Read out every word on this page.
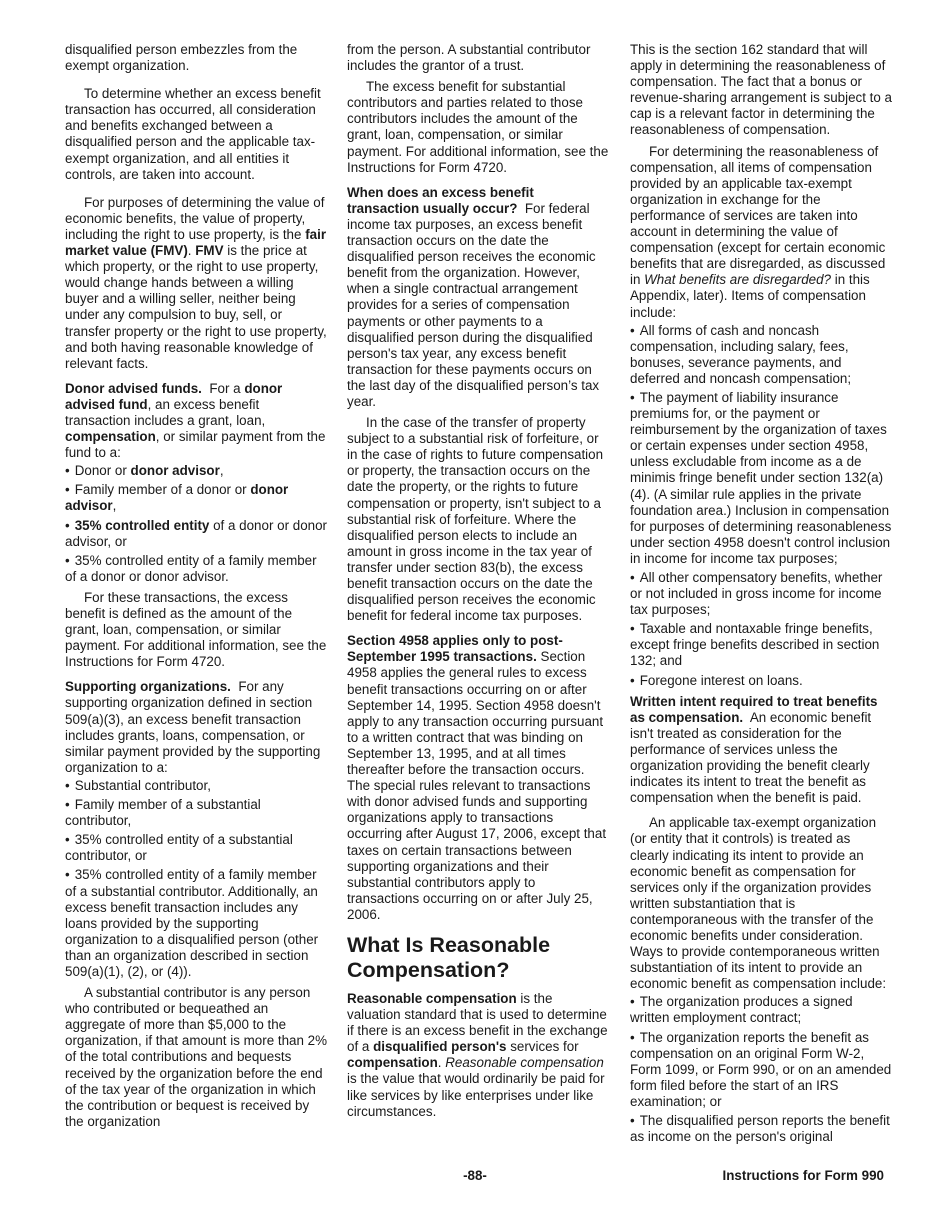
disqualified person embezzles from the exempt organization.

To determine whether an excess benefit transaction has occurred, all consideration and benefits exchanged between a disqualified person and the applicable tax-exempt organization, and all entities it controls, are taken into account.

For purposes of determining the value of economic benefits, the value of property, including the right to use property, is the fair market value (FMV). FMV is the price at which property, or the right to use property, would change hands between a willing buyer and a willing seller, neither being under any compulsion to buy, sell, or transfer property or the right to use property, and both having reasonable knowledge of relevant facts.

Donor advised funds. For a donor advised fund, an excess benefit transaction includes a grant, loan, compensation, or similar payment from the fund to a:

• Donor or donor advisor,
• Family member of a donor or donor advisor,
• 35% controlled entity of a donor or donor advisor, or
• 35% controlled entity of a family member of a donor or donor advisor.

For these transactions, the excess benefit is defined as the amount of the grant, loan, compensation, or similar payment. For additional information, see the Instructions for Form 4720.

Supporting organizations. For any supporting organization defined in section 509(a)(3), an excess benefit transaction includes grants, loans, compensation, or similar payment provided by the supporting organization to a:

• Substantial contributor,
• Family member of a substantial contributor,
• 35% controlled entity of a substantial contributor, or
• 35% controlled entity of a family member of a substantial contributor. Additionally, an excess benefit transaction includes any loans provided by the supporting organization to a disqualified person (other than an organization described in section 509(a)(1), (2), or (4)).

A substantial contributor is any person who contributed or bequeathed an aggregate of more than $5,000 to the organization, if that amount is more than 2% of the total contributions and bequests received by the organization before the end of the tax year of the organization in which the contribution or bequest is received by the organization

from the person. A substantial contributor includes the grantor of a trust.

The excess benefit for substantial contributors and parties related to those contributors includes the amount of the grant, loan, compensation, or similar payment. For additional information, see the Instructions for Form 4720.

When does an excess benefit transaction usually occur? For federal income tax purposes, an excess benefit transaction occurs on the date the disqualified person receives the economic benefit from the organization. However, when a single contractual arrangement provides for a series of compensation payments or other payments to a disqualified person during the disqualified person's tax year, any excess benefit transaction for these payments occurs on the last day of the disqualified person’s tax year.

In the case of the transfer of property subject to a substantial risk of forfeiture, or in the case of rights to future compensation or property, the transaction occurs on the date the property, or the rights to future compensation or property, isn't subject to a substantial risk of forfeiture. Where the disqualified person elects to include an amount in gross income in the tax year of transfer under section 83(b), the excess benefit transaction occurs on the date the disqualified person receives the economic benefit for federal income tax purposes.

Section 4958 applies only to post-September 1995 transactions. Section 4958 applies the general rules to excess benefit transactions occurring on or after September 14, 1995. Section 4958 doesn't apply to any transaction occurring pursuant to a written contract that was binding on September 13, 1995, and at all times thereafter before the transaction occurs. The special rules relevant to transactions with donor advised funds and supporting organizations apply to transactions occurring after August 17, 2006, except that taxes on certain transactions between supporting organizations and their substantial contributors apply to transactions occurring on or after July 25, 2006.

What Is Reasonable Compensation?

Reasonable compensation is the valuation standard that is used to determine if there is an excess benefit in the exchange of a disqualified person's services for compensation. Reasonable compensation is the value that would ordinarily be paid for like services by like enterprises under like circumstances.

This is the section 162 standard that will apply in determining the reasonableness of compensation. The fact that a bonus or revenue-sharing arrangement is subject to a cap is a relevant factor in determining the reasonableness of compensation.

For determining the reasonableness of compensation, all items of compensation provided by an applicable tax-exempt organization in exchange for the performance of services are taken into account in determining the value of compensation (except for certain economic benefits that are disregarded, as discussed in What benefits are disregarded? in this Appendix, later). Items of compensation include:

• All forms of cash and noncash compensation, including salary, fees, bonuses, severance payments, and deferred and noncash compensation;
• The payment of liability insurance premiums for, or the payment or reimbursement by the organization of taxes or certain expenses under section 4958, unless excludable from income as a de minimis fringe benefit under section 132(a)(4). (A similar rule applies in the private foundation area.) Inclusion in compensation for purposes of determining reasonableness under section 4958 doesn't control inclusion in income for income tax purposes;
• All other compensatory benefits, whether or not included in gross income for income tax purposes;
• Taxable and nontaxable fringe benefits, except fringe benefits described in section 132; and
• Foregone interest on loans.

Written intent required to treat benefits as compensation. An economic benefit isn't treated as consideration for the performance of services unless the organization providing the benefit clearly indicates its intent to treat the benefit as compensation when the benefit is paid.

An applicable tax-exempt organization (or entity that it controls) is treated as clearly indicating its intent to provide an economic benefit as compensation for services only if the organization provides written substantiation that is contemporaneous with the transfer of the economic benefits under consideration. Ways to provide contemporaneous written substantiation of its intent to provide an economic benefit as compensation include:

• The organization produces a signed written employment contract;
• The organization reports the benefit as compensation on an original Form W-2, Form 1099, or Form 990, or on an amended form filed before the start of an IRS examination; or
• The disqualified person reports the benefit as income on the person's original
-88-	Instructions for Form 990
